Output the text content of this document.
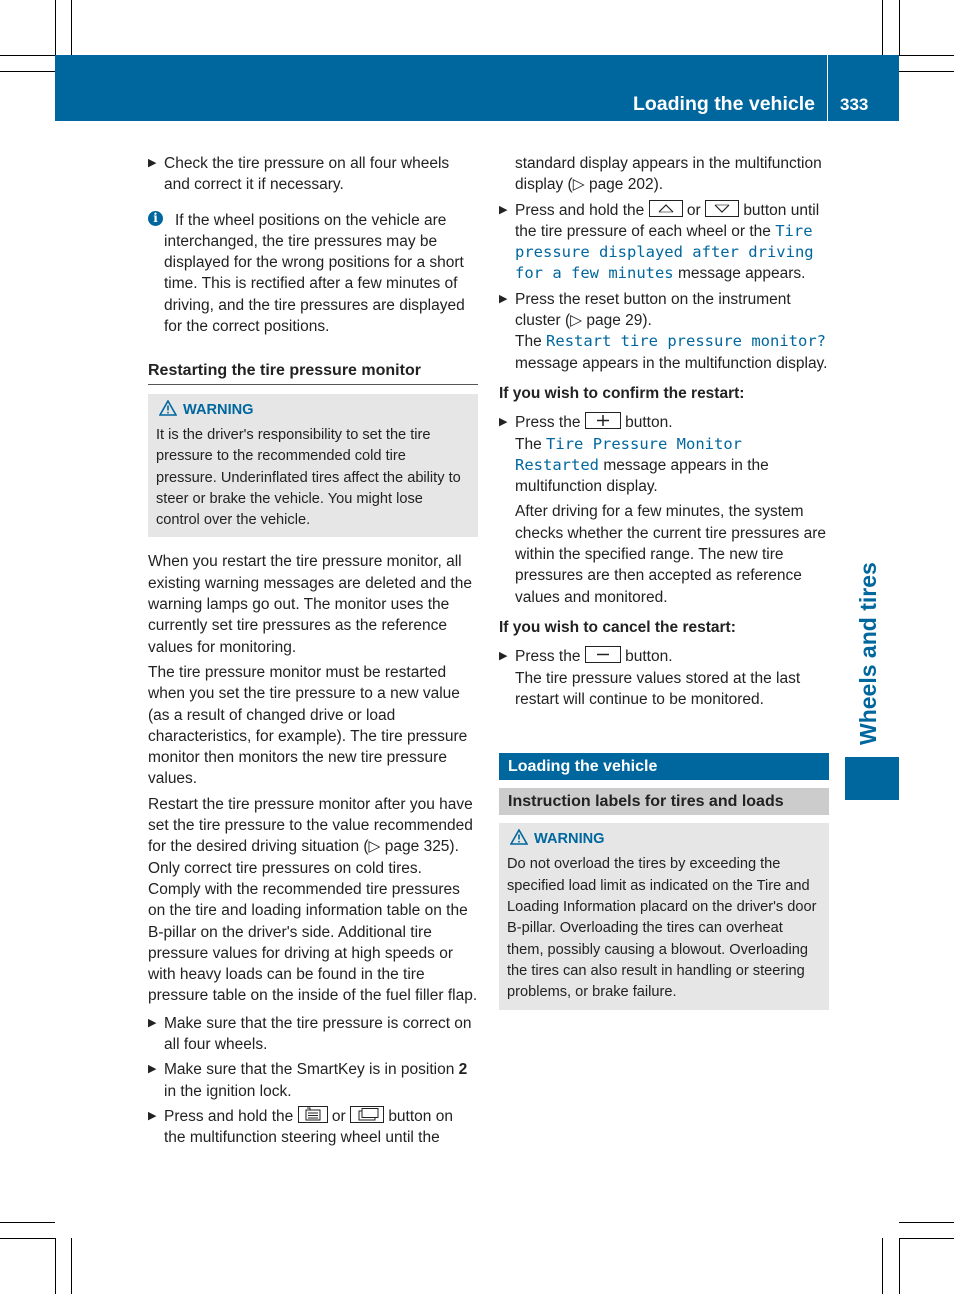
Loading the vehicle 333
Wheels and tires

▶ Check the tire pressure on all four wheels and correct it if necessary.

i	If the wheel positions on the vehicle are interchanged, the tire pressures may be displayed for the wrong positions for a short time. This is rectified after a few minutes of driving, and the tire pressures are displayed for the correct positions.

Restarting the tire pressure monitor

WARNING
It is the driver's responsibility to set the tire pressure to the recommended cold tire pressure. Underinflated tires affect the ability to steer or brake the vehicle. You might lose control over the vehicle.

When you restart the tire pressure monitor, all existing warning messages are deleted and the warning lamps go out. The monitor uses the currently set tire pressures as the reference values for monitoring.

The tire pressure monitor must be restarted when you set the tire pressure to a new value (as a result of changed drive or load characteristics, for example). The tire pressure monitor then monitors the new tire pressure values.

Restart the tire pressure monitor after you have set the tire pressure to the value recommended for the desired driving situation (▷ page 325). Only correct tire pressures on cold tires. Comply with the recommended tire pressures on the tire and loading information table on the B-pillar on the driver's side. Additional tire pressure values for driving at high speeds or with heavy loads can be found in the tire pressure table on the inside of the fuel filler flap.

▶ Make sure that the tire pressure is correct on all four wheels.

▶ Make sure that the SmartKey is in position 2 in the ignition lock.

▶ Press and hold the or	button on the multifunction steering wheel until the

standard display appears in the multifunction display (▷ page 202).

▶ Press and hold the	or	button until the tire pressure of each wheel or the Tire pressure displayed after driving for a few minutes message appears.

▶ Press the reset button on the instrument cluster (▷ page 29).
The Restart tire pressure monitor? message appears in the multifunction display.

If you wish to confirm the restart:

▶ Press the	button.
The Tire Pressure Monitor Restarted message appears in the multifunction display.

After driving for a few minutes, the system checks whether the current tire pressures are within the specified range. The new tire pressures are then accepted as reference values and monitored.

If you wish to cancel the restart:

▶ Press the	button.
The tire pressure values stored at the last restart will continue to be monitored.

Loading the vehicle
Instruction labels for tires and loads
WARNING
Do not overload the tires by exceeding the specified load limit as indicated on the Tire and Loading Information placard on the driver's door B-pillar. Overloading the tires can overheat them, possibly causing a blowout. Overloading the tires can also result in handling or steering problems, or brake failure.
